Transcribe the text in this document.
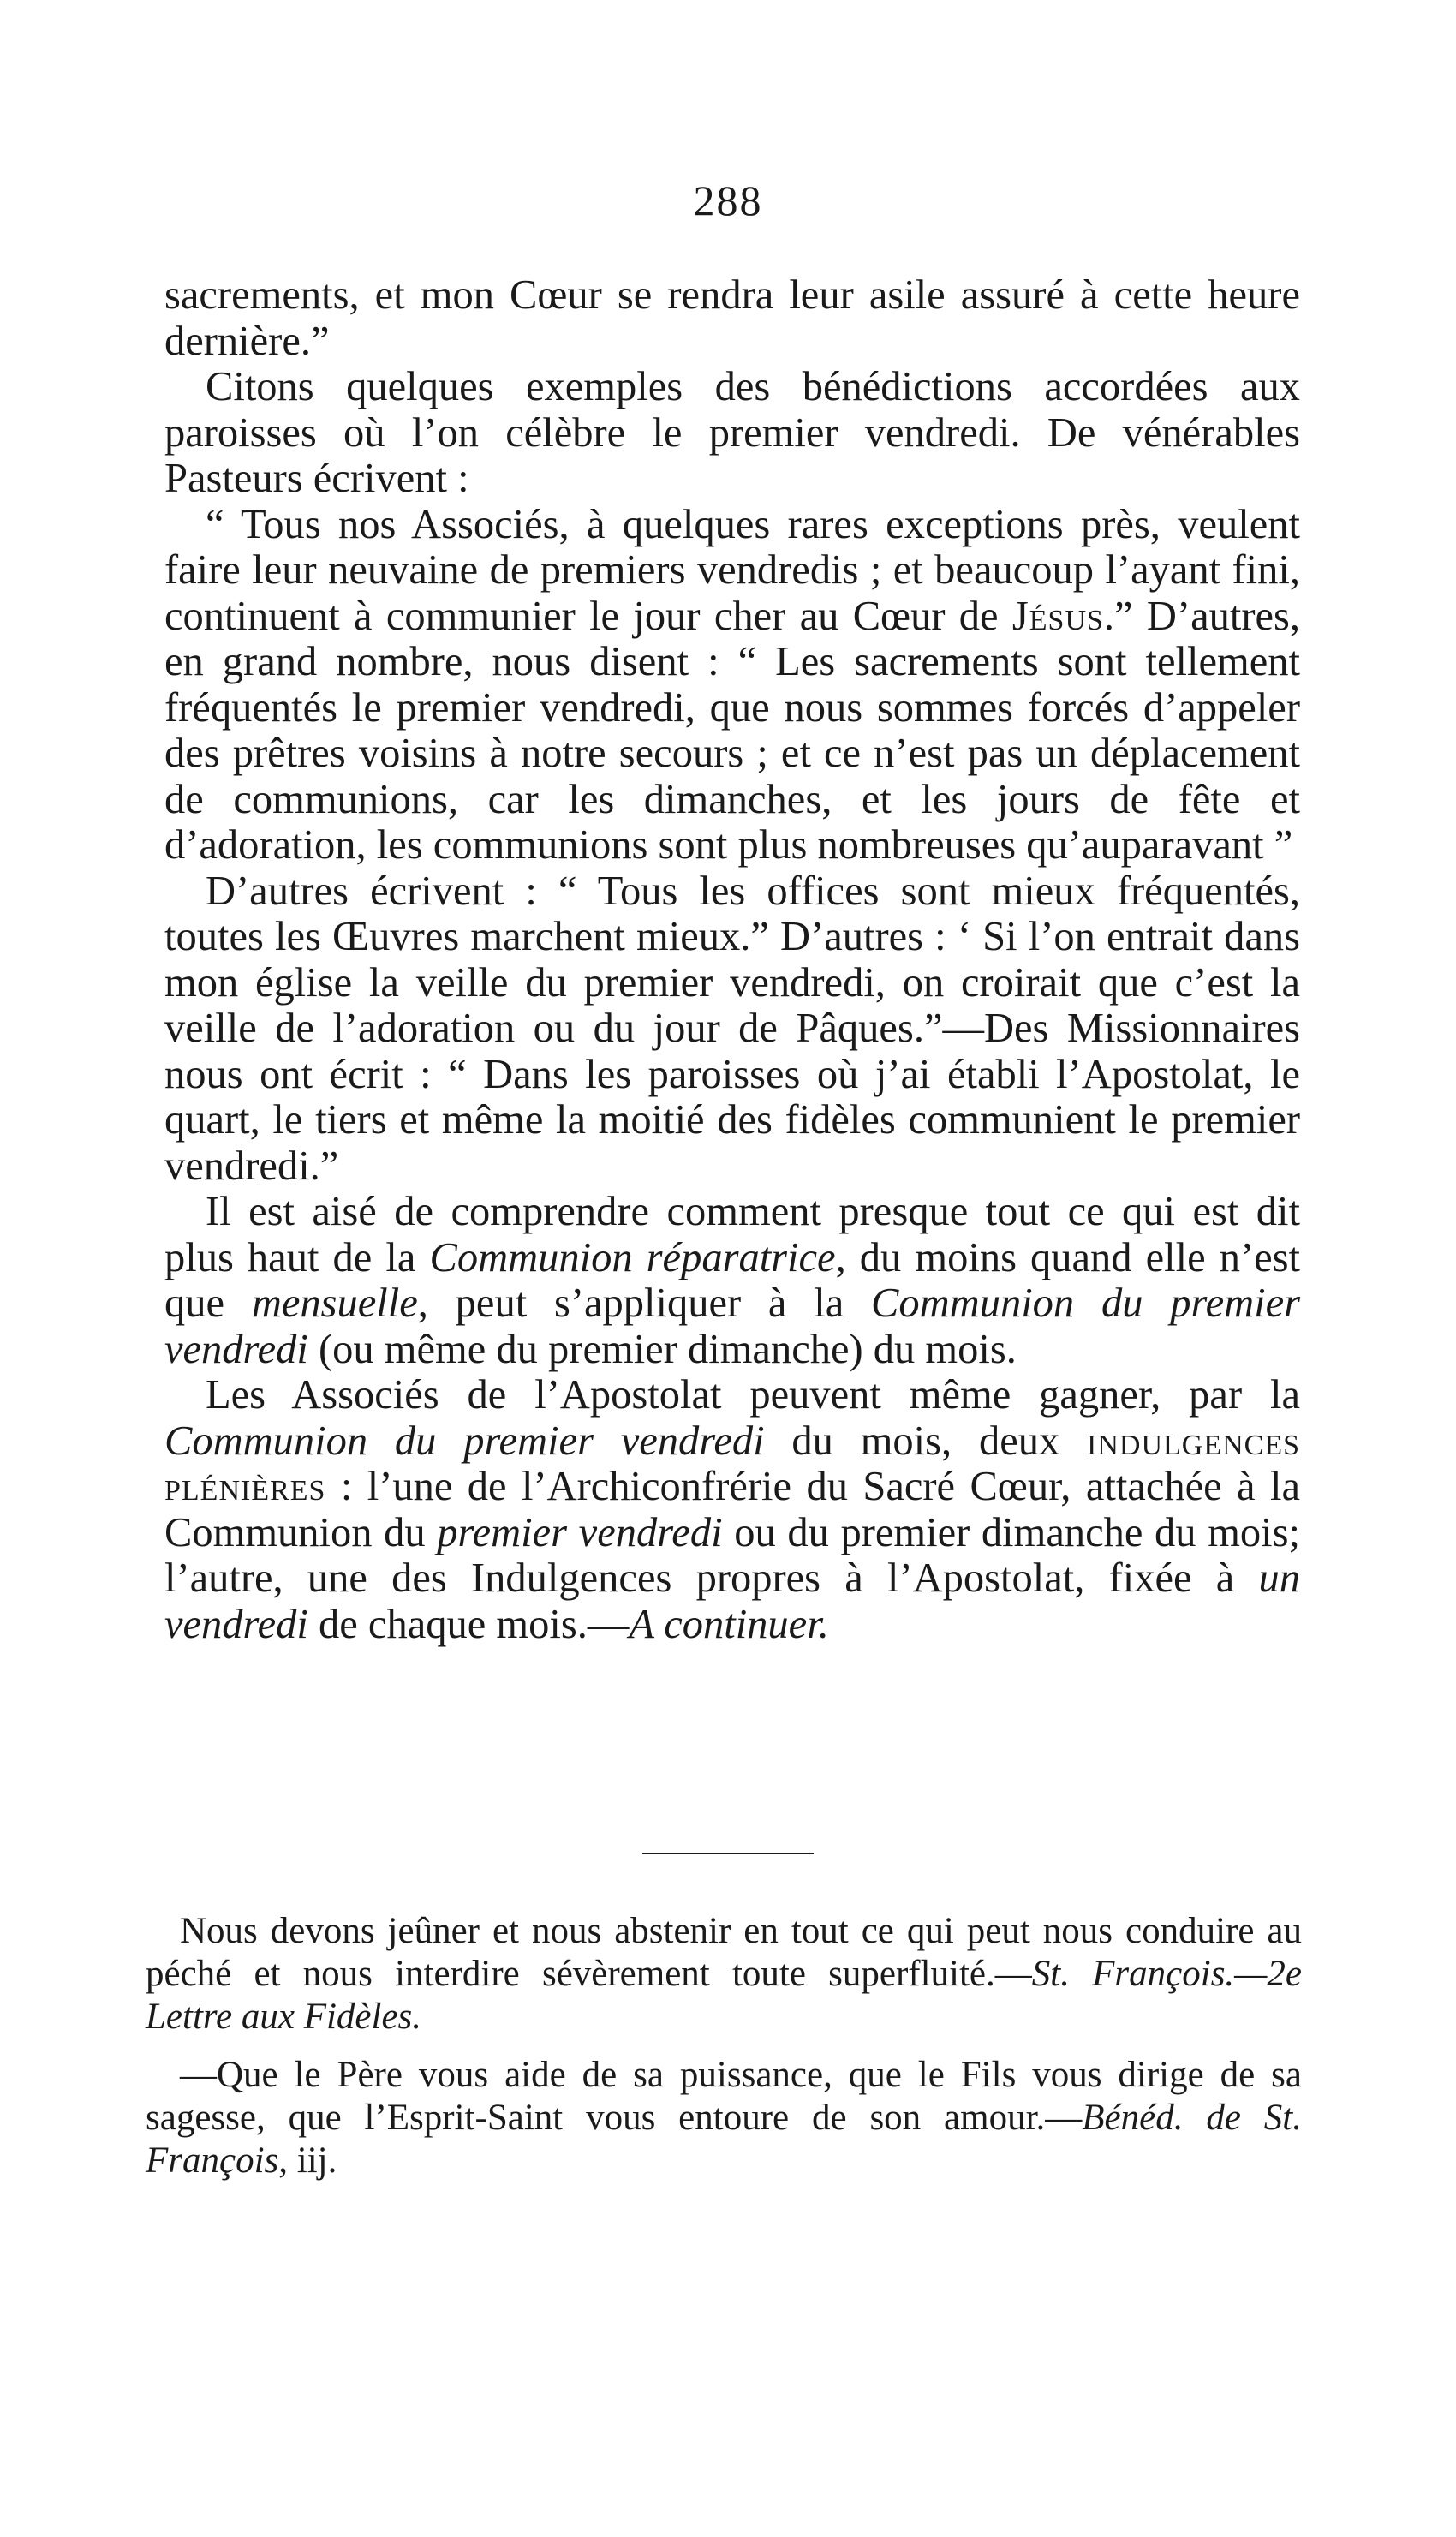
288

sacrements, et mon Cœur se rendra leur asile assuré à cette heure dernière.”

Citons quelques exemples des bénédictions accordées aux paroisses où l’on célèbre le premier vendredi. De vénérables Pasteurs écrivent :

“ Tous nos Associés, à quelques rares exceptions près, veulent faire leur neuvaine de premiers vendredis ; et beaucoup l’ayant fini, continuent à communier le jour cher au Cœur de Jésus.” D’autres, en grand nombre, nous disent : “ Les sacrements sont tellement fréquentés le premier vendredi, que nous sommes forcés d’appeler des prêtres voisins à notre secours ; et ce n’est pas un déplacement de communions, car les dimanches, et les jours de fête et d’adoration, les communions sont plus nombreuses qu’auparavant ”

D’autres écrivent : “ Tous les offices sont mieux fréquentés, toutes les Œuvres marchent mieux.” D’autres : ‘ Si l’on entrait dans mon église la veille du premier vendredi, on croirait que c’est la veille de l’adoration ou du jour de Pâques.”—Des Missionnaires nous ont écrit : “ Dans les paroisses où j’ai établi l’Apostolat, le quart, le tiers et même la moitié des fidèles communient le premier vendredi.”

Il est aisé de comprendre comment presque tout ce qui est dit plus haut de la Communion réparatrice, du moins quand elle n’est que mensuelle, peut s’appliquer à la Communion du premier vendredi (ou même du premier dimanche) du mois.

Les Associés de l’Apostolat peuvent même gagner, par la Communion du premier vendredi du mois, deux indulgences plénières : l’une de l’Archiconfrérie du Sacré Cœur, attachée à la Communion du premier vendredi ou du premier dimanche du mois; l’autre, une des Indulgences propres à l’Apostolat, fixée à un vendredi de chaque mois.—A continuer.

Nous devons jeûner et nous abstenir en tout ce qui peut nous conduire au péché et nous interdire sévèrement toute superfluité.—St. François.—2e Lettre aux Fidèles.

—Que le Père vous aide de sa puissance, que le Fils vous dirige de sa sagesse, que l’Esprit-Saint vous entoure de son amour.—Bénéd. de St. François, iij.
